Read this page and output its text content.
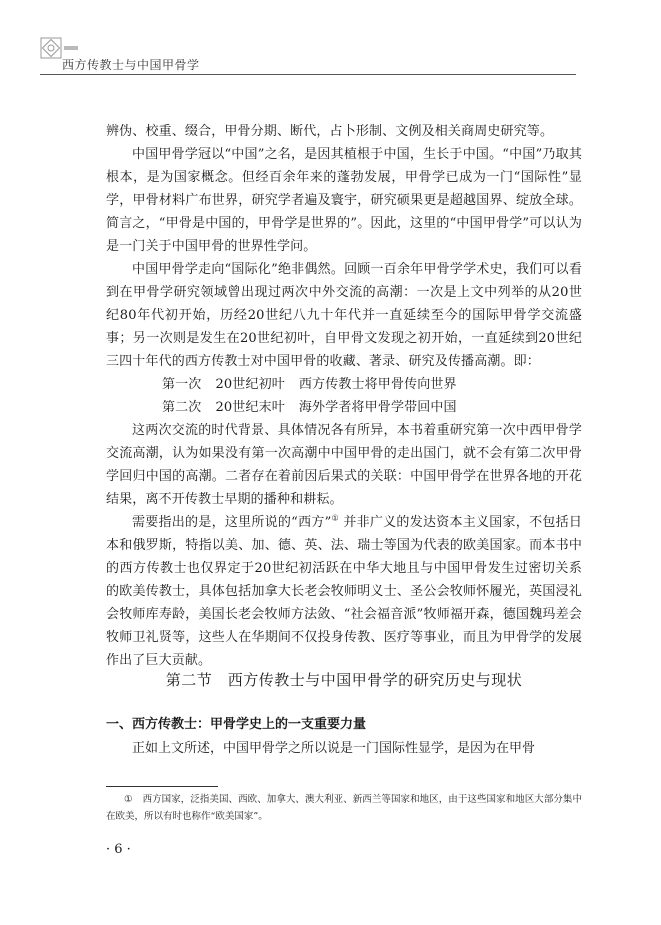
西方传教士与中国甲骨学

辨伪、校重、缀合，甲骨分期、断代，占卜形制、文例及相关商周史研究等。

中国甲骨学冠以“中国”之名，是因其植根于中国，生长于中国。“中国”乃取其根本，是为国家概念。但经百余年来的蓬勃发展，甲骨学已成为一门“国际性”显学，甲骨材料广布世界，研究学者遍及寰宇，研究硕果更是超越国界、绽放全球。简言之，“甲骨是中国的，甲骨学是世界的”。因此，这里的“中国甲骨学”可以认为是一门关于中国甲骨的世界性学问。

中国甲骨学走向“国际化”绝非偶然。回顾一百余年甲骨学学术史，我们可以看到在甲骨学研究领域曾出现过两次中外交流的高潮：一次是上文中列举的从20世纪80年代初开始，历经20世纪八九十年代并一直延续至今的国际甲骨学交流盛事；另一次则是发生在20世纪初叶，自甲骨文发现之初开始，一直延续到20世纪三四十年代的西方传教士对中国甲骨的收藏、著录、研究及传播高潮。即：

第一次 20世纪初叶 西方传教士将甲骨传向世界
第二次 20世纪末叶 海外学者将甲骨学带回中国

这两次交流的时代背景、具体情况各有所异，本书着重研究第一次中西甲骨学交流高潮，认为如果没有第一次高潮中中国甲骨的走出国门，就不会有第二次甲骨学回归中国的高潮。二者存在着前因后果式的关联：中国甲骨学在世界各地的开花结果，离不开传教士早期的播种和耕耘。

需要指出的是，这里所说的“西方”① 并非广义的发达资本主义国家，不包括日本和俄罗斯，特指以美、加、德、英、法、瑞士等国为代表的欧美国家。而本书中的西方传教士也仅界定于20世纪初活跃在中华大地且与中国甲骨发生过密切关系的欧美传教士，具体包括加拿大长老会牧师明义士、圣公会牧师怀履光，英国浸礼会牧师库寿龄，美国长老会牧师方法敛、“社会福音派”牧师福开森，德国魏玛差会牧师卫礼贤等，这些人在华期间不仅投身传教、医疗等事业，而且为甲骨学的发展作出了巨大贡献。

第二节　西方传教士与中国甲骨学的研究历史与现状
一、西方传教士：甲骨学史上的一支重要力量
正如上文所述，中国甲骨学之所以说是一门国际性显学，是因为在甲骨
① 西方国家，泛指美国、西欧、加拿大、澳大利亚、新西兰等国家和地区，由于这些国家和地区大部分集中在欧美，所以有时也称作“欧美国家”。
· 6 ·
